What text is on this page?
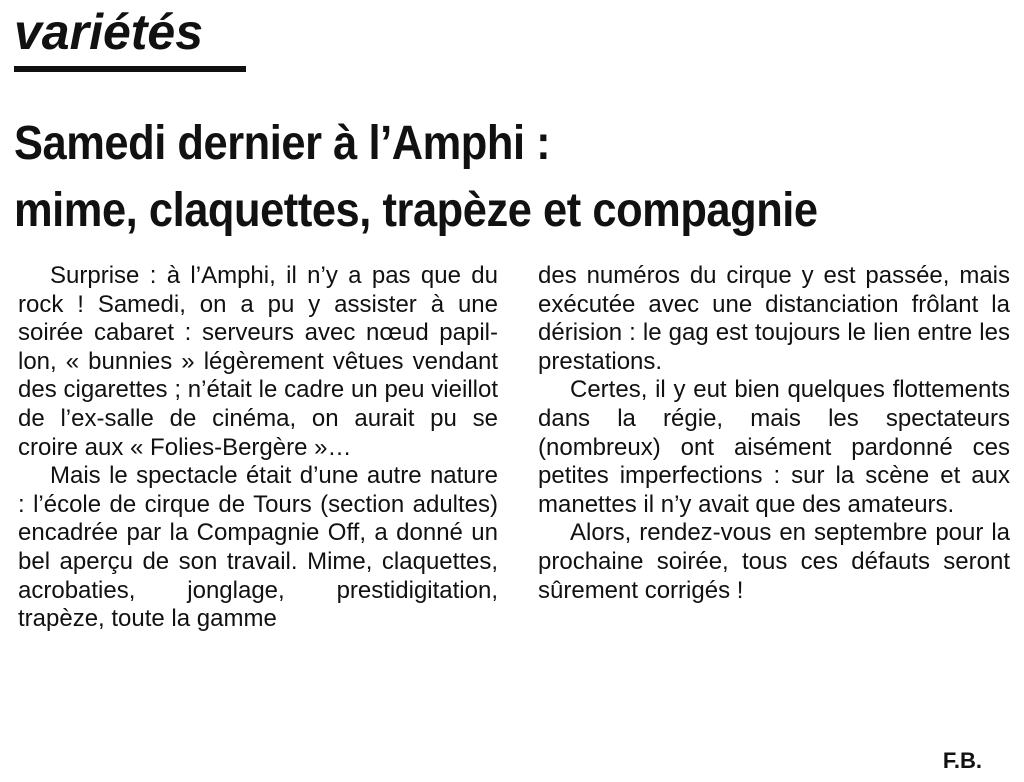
variétés
Samedi dernier à l’Amphi :
mime, claquettes, trapèze et compagnie

Surprise : à l’Amphi, il n’y a pas que du rock ! Samedi, on a pu y assister à une soirée cabaret : serveurs avec nœud papillon, « bunnies » légèrement vêtues vendant des cigarettes ; n’était le cadre un peu vieillot de l’ex-salle de cinéma, on aurait pu se croire aux « Folies-Bergère »…

Mais le spectacle était d’une autre nature : l’école de cirque de Tours (section adultes) encadrée par la Compagnie Off, a donné un bel aperçu de son travail. Mime, claquettes, acrobaties, jonglage, prestidigitation, trapèze, toute la gamme

des numéros du cirque y est passée, mais exécutée avec une distanciation frôlant la dérision : le gag est toujours le lien entre les prestations.

Certes, il y eut bien quelques flottements dans la régie, mais les spectateurs (nombreux) ont aisément pardonné ces petites imperfections : sur la scène et aux manettes il n’y avait que des amateurs.

Alors, rendez-vous en septembre pour la prochaine soirée, tous ces défauts seront sûrement corrigés !

F.B.
